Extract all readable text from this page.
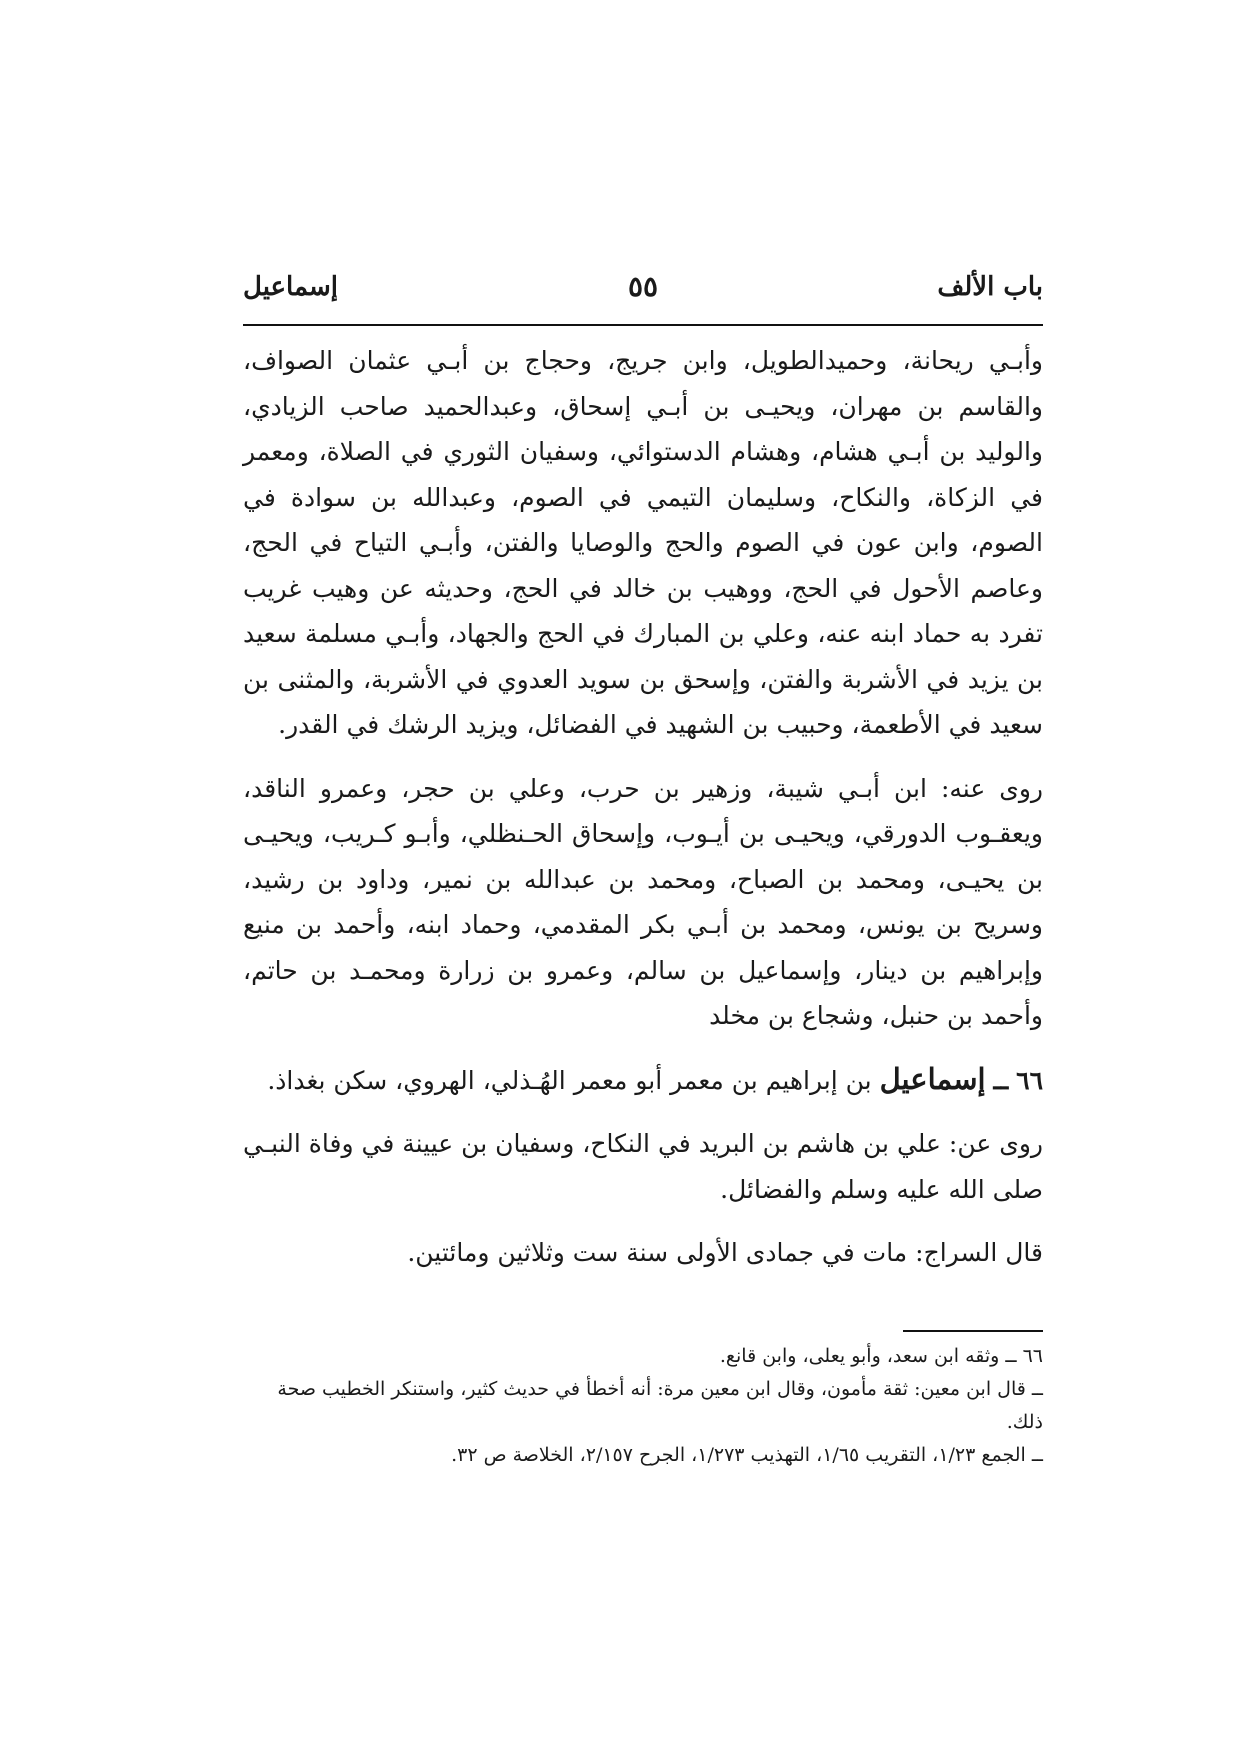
باب الألف
٥٥
إسماعيل

وأبـي ريحانة، وحميدالطويل، وابن جريج، وحجاج بن أبـي عثمان الصواف، والقاسم بن مهران، ويحيـى بن أبـي إسحاق، وعبدالحميد صاحب الزيادي، والوليد بن أبـي هشام، وهشام الدستوائي، وسفيان الثوري في الصلاة، ومعمر في الزكاة، والنكاح، وسليمان التيمي في الصوم، وعبدالله بن سوادة في الصوم، وابن عون في الصوم والحج والوصايا والفتن، وأبـي التياح في الحج، وعاصم الأحول في الحج، ووهيب بن خالد في الحج، وحديثه عن وهيب غريب تفرد به حماد ابنه عنه، وعلي بن المبارك في الحج والجهاد، وأبـي مسلمة سعيد بن يزيد في الأشربة والفتن، وإسحق بن سويد العدوي في الأشربة، والمثنى بن سعيد في الأطعمة، وحبيب بن الشهيد في الفضائل، ويزيد الرشك في القدر.

روى عنه: ابن أبـي شيبة، وزهير بن حرب، وعلي بن حجر، وعمرو الناقد، ويعقـوب الدورقي، ويحيـى بن أيـوب، وإسحاق الحـنظلي، وأبـو كـريب، ويحيـى بن يحيـى، ومحمد بن الصباح، ومحمد بن عبدالله بن نمير، وداود بن رشيد، وسريح بن يونس، ومحمد بن أبـي بكر المقدمي، وحماد ابنه، وأحمد بن منيع وإبراهيم بن دينار، وإسماعيل بن سالم، وعمرو بن زرارة ومحمـد بن حاتم، وأحمد بن حنبل، وشجاع بن مخلد

٦٦ ــ إسماعيل بن إبراهيم بن معمر أبو معمر الهُـذلي، الهروي، سكن بغداذ.

روى عن: علي بن هاشم بن البريد في النكاح، وسفيان بن عيينة في وفاة النبـي صلى الله عليه وسلم والفضائل.

قال السراج: مات في جمادى الأولى سنة ست وثلاثين ومائتين.

٦٦ ــ وثقه ابن سعد، وأبو يعلى، وابن قانع.

ــ قال ابن معين: ثقة مأمون، وقال ابن معين مرة: أنه أخطأ في حديث كثير، واستنكر الخطيب صحة ذلك.

ــ الجمع ١/٢٣، التقريب ١/٦٥، التهذيب ١/٢٧٣، الجرح ٢/١٥٧، الخلاصة ص ٣٢.
